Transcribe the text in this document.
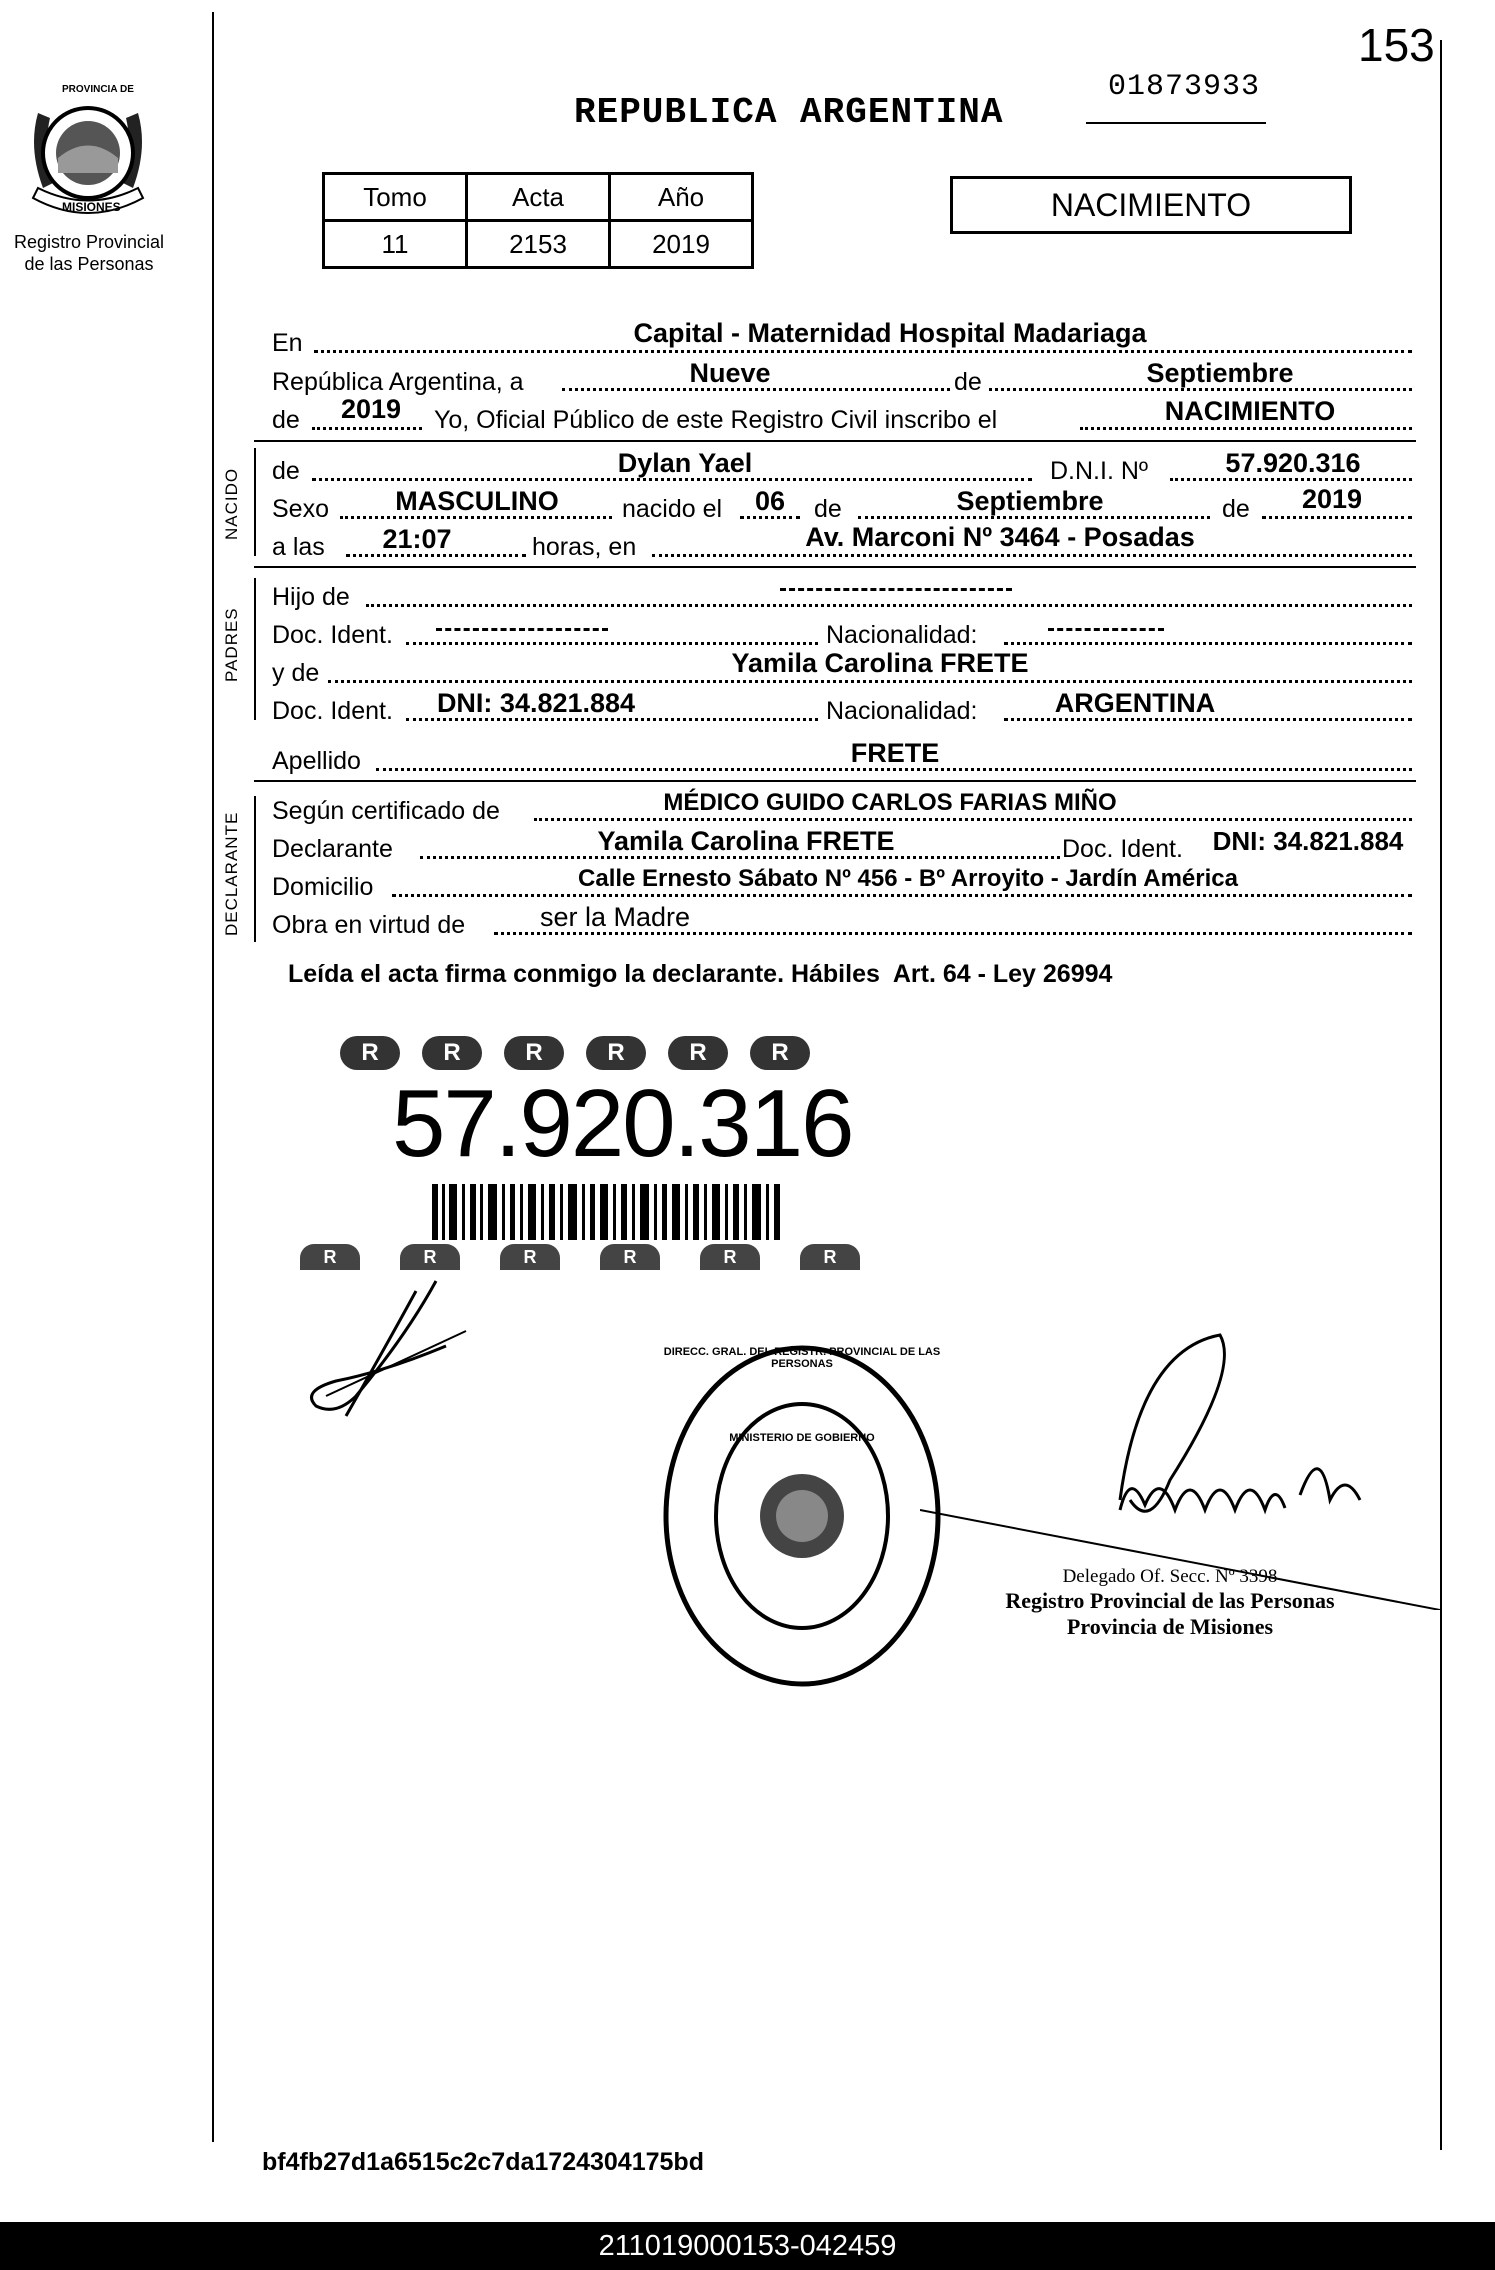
153
PROVINCIA DE
MISIONES
Registro Provincial
de las Personas
REPUBLICA ARGENTINA
01873933
Tomo	Acta	Año
11	2153	2019
NACIMIENTO
En	Capital - Maternidad Hospital Madariaga
República Argentina, a	Nueve	de	Septiembre
de	2019	Yo, Oficial Público de este Registro Civil inscribo el	NACIMIENTO
NACIDO de	Dylan Yael	D.N.I. Nº	57.920.316
Sexo	MASCULINO	nacido el	06	de	Septiembre	de	2019
a las	21:07	horas, en	Av. Marconi Nº 3464 - Posadas
PADRES
Hijo de
Doc. Ident.	Nacionalidad:
y de	Yamila Carolina FRETE
Doc. Ident.	DNI: 34.821.884	Nacionalidad:	ARGENTINA
Apellido	FRETE
DECLARANTE
Según certificado de	MÉDICO GUIDO CARLOS FARIAS MIÑO
Declarante	Yamila Carolina FRETE	Doc. Ident.	DNI: 34.821.884
Domicilio	Calle Ernesto Sábato Nº 456 - Bº Arroyito - Jardín América
Obra en virtud de	ser la Madre
Leída el acta firma conmigo la declarante. Hábiles  Art. 64 - Ley 26994
R	R	R	R	R	R
57.920.316
R	R	R	R	R	R
DIRECC. GRAL. DEL REGISTR. PROVINCIAL DE LAS PERSONAS
MINISTERIO DE GOBIERNO
Delegado Of. Secc. Nº 3398
Registro Provincial de las Personas
Provincia de Misiones
bf4fb27d1a6515c2c7da1724304175bd
211019000153-042459
